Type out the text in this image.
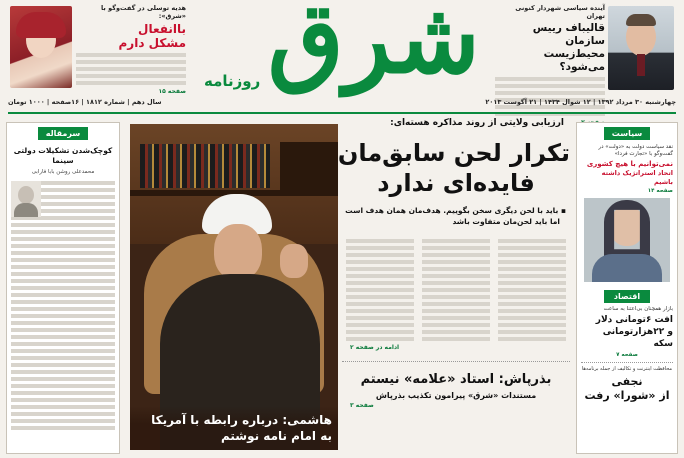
هدیه توسلی در گفت‌وگو با «شرق»:
باانفعال
مشکل دارم
صفحه ۱۵ شرق
روزنامه
آینده سیاسی شهردار کنونی تهران
قالیباف رییس سازمان
محیط‌زیست می‌شود؟
چهارشنبه ۳۰ مرداد ۱۳۹۲ | ۱۲ شوال ۱۴۳۴ | ۲۱ آگوست ۲۰۱۳
سال دهم | شماره ۱۸۱۲ | ۱۶صفحه | ۱۰۰۰ تومان
سرمقاله
کوچک‌شدن تشکیلات دولتی سینما
محمدعلی روشن بابا فارابی
هاشمی: درباره رابطه با آمریکا
به امام نامه نوشتم
ارزیابی ولایتی از روند مذاکره هسته‌ای:
تکرار لحن سابق‌مان
فایده‌ای ندارد
▪ باید با لحن دیگری سخن بگوییم. هدف‌مان همان هدف است
اما باید لحن‌مان متفاوت باشد
ادامه در صفحه ۲
بذرپاش: استاد «علامه» نیستم
مستندات «شرق» پیرامون تکذیب بذرپاش
صفحه ۳
سیاست
نقد سیاست دولت به «دولت» در گفت‌وگو با «تجارت فردا»
نمی‌توانیم با هیچ کشوری
اتحاد استراتژیک داشته باشیم
صفحه ۱۴
اقتصاد
بازار همچنان بی‌اعتنا به ساعت
افت ۶تومانی دلار
و ۲۲هزارتومانی سکه
صفحه ۷
محافظت اینترنت و تکالیف از جمله برنامه‌ها
نجفی
از «شورا» رفت
